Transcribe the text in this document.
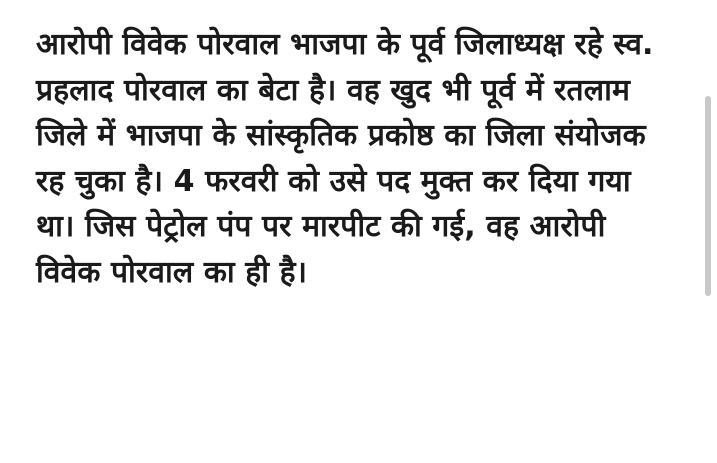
आरोपी विवेक पोरवाल भाजपा के पूर्व जिलाध्यक्ष रहे स्व. प्रहलाद पोरवाल का बेटा है। वह खुद भी पूर्व में रतलाम जिले में भाजपा के सांस्कृतिक प्रकोष्ठ का जिला संयोजक रह चुका है। 4 फरवरी को उसे पद मुक्त कर दिया गया था। जिस पेट्रोल पंप पर मारपीट की गई, वह आरोपी विवेक पोरवाल का ही है।
